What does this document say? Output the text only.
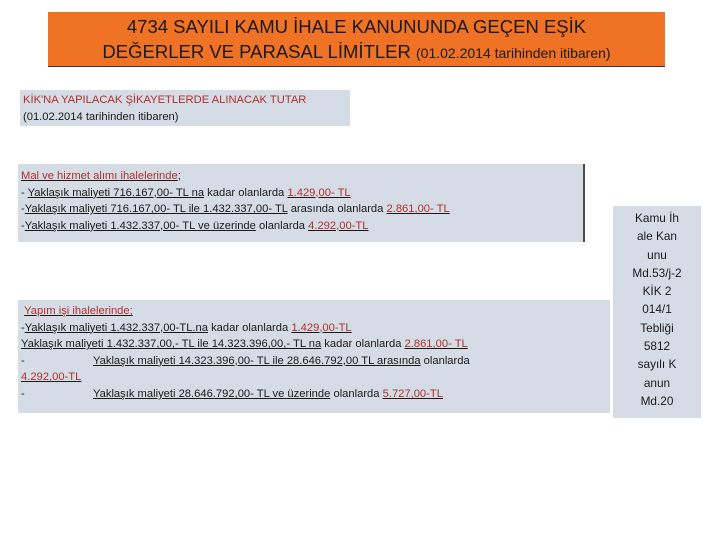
4734 SAYILI KAMU İHALE KANUNUNDA GEÇEN EŞİK
DEĞERLER VE PARASAL LİMİTLER (01.02.2014 tarihinden itibaren)
KİK'NA YAPILACAK ŞİKAYETLERDE ALINACAK TUTAR
(01.02.2014 tarihinden itibaren)
Mal ve hizmet alımı ihalelerinde;
- Yaklaşık maliyeti 716.167,00- TL na kadar olanlarda 1.429,00- TL
-Yaklaşık maliyeti 716.167,00- TL ile 1.432.337,00- TL arasında olanlarda 2.861,00- TL
-Yaklaşık maliyeti 1.432.337,00- TL ve üzerinde olanlarda 4.292,00-TL
Yapım işi ihalelerinde;
-Yaklaşık maliyeti 1.432.337,00-TL.na kadar olanlarda 1.429,00-TL
Yaklaşık maliyeti 1.432.337,00,- TL ile 14.323.396,00,- TL na kadar olanlarda 2.861,00- TL
-	Yaklaşık maliyeti 14.323.396,00- TL ile 28.646.792,00 TL arasında olanlarda
4.292,00-TL
-	Yaklaşık maliyeti 28.646.792,00- TL ve üzerinde olanlarda 5.727,00-TL
Kamu İh
ale Kan
unu
Md.53/j-2
KİK 2
014/1
Tebliği
5812
sayılı K
anun
Md.20
